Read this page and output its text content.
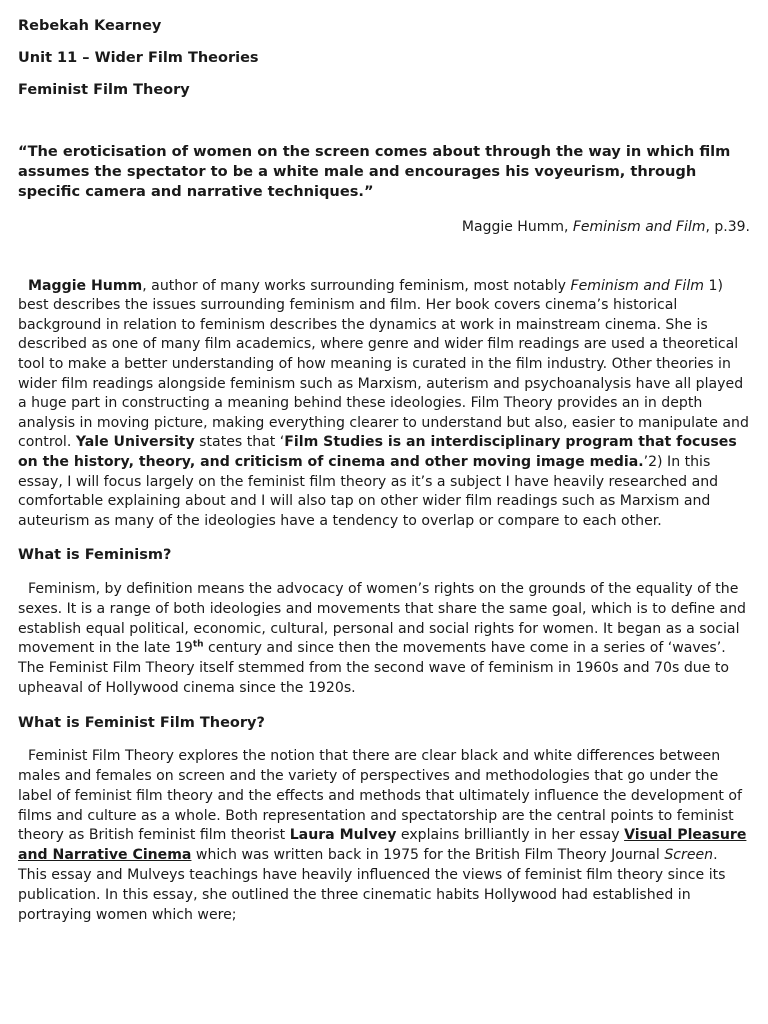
Rebekah Kearney

Unit 11 – Wider Film Theories

Feminist Film Theory

“The eroticisation of women on the screen comes about through the way in which film assumes the spectator to be a white male and encourages his voyeurism, through specific camera and narrative techniques.”

Maggie Humm, Feminism and Film, p.39.

Maggie Humm, author of many works surrounding feminism, most notably Feminism and Film 1) best describes the issues surrounding feminism and film. Her book covers cinema’s historical background in relation to feminism describes the dynamics at work in mainstream cinema. She is described as one of many film academics, where genre and wider film readings are used a theoretical tool to make a better understanding of how meaning is curated in the film industry. Other theories in wider film readings alongside feminism such as Marxism, auterism and psychoanalysis have all played a huge part in constructing a meaning behind these ideologies. Film Theory provides an in depth analysis in moving picture, making everything clearer to understand but also, easier to manipulate and control. Yale University states that ‘Film Studies is an interdisciplinary program that focuses on the history, theory, and criticism of cinema and other moving image media.’2) In this essay, I will focus largely on the feminist film theory as it’s a subject I have heavily researched and comfortable explaining about and I will also tap on other wider film readings such as Marxism and auteurism as many of the ideologies have a tendency to overlap or compare to each other.

What is Feminism?

Feminism, by definition means the advocacy of women’s rights on the grounds of the equality of the sexes. It is a range of both ideologies and movements that share the same goal, which is to define and establish equal political, economic, cultural, personal and social rights for women. It began as a social movement in the late 19th century and since then the movements have come in a series of ‘waves’. The Feminist Film Theory itself stemmed from the second wave of feminism in 1960s and 70s due to upheaval of Hollywood cinema since the 1920s.

What is Feminist Film Theory?

Feminist Film Theory explores the notion that there are clear black and white differences between males and females on screen and the variety of perspectives and methodologies that go under the label of feminist film theory and the effects and methods that ultimately influence the development of films and culture as a whole. Both representation and spectatorship are the central points to feminist theory as British feminist film theorist Laura Mulvey explains brilliantly in her essay Visual Pleasure and Narrative Cinema which was written back in 1975 for the British Film Theory Journal Screen. This essay and Mulveys teachings have heavily influenced the views of feminist film theory since its publication. In this essay, she outlined the three cinematic habits Hollywood had established in portraying women which were;
